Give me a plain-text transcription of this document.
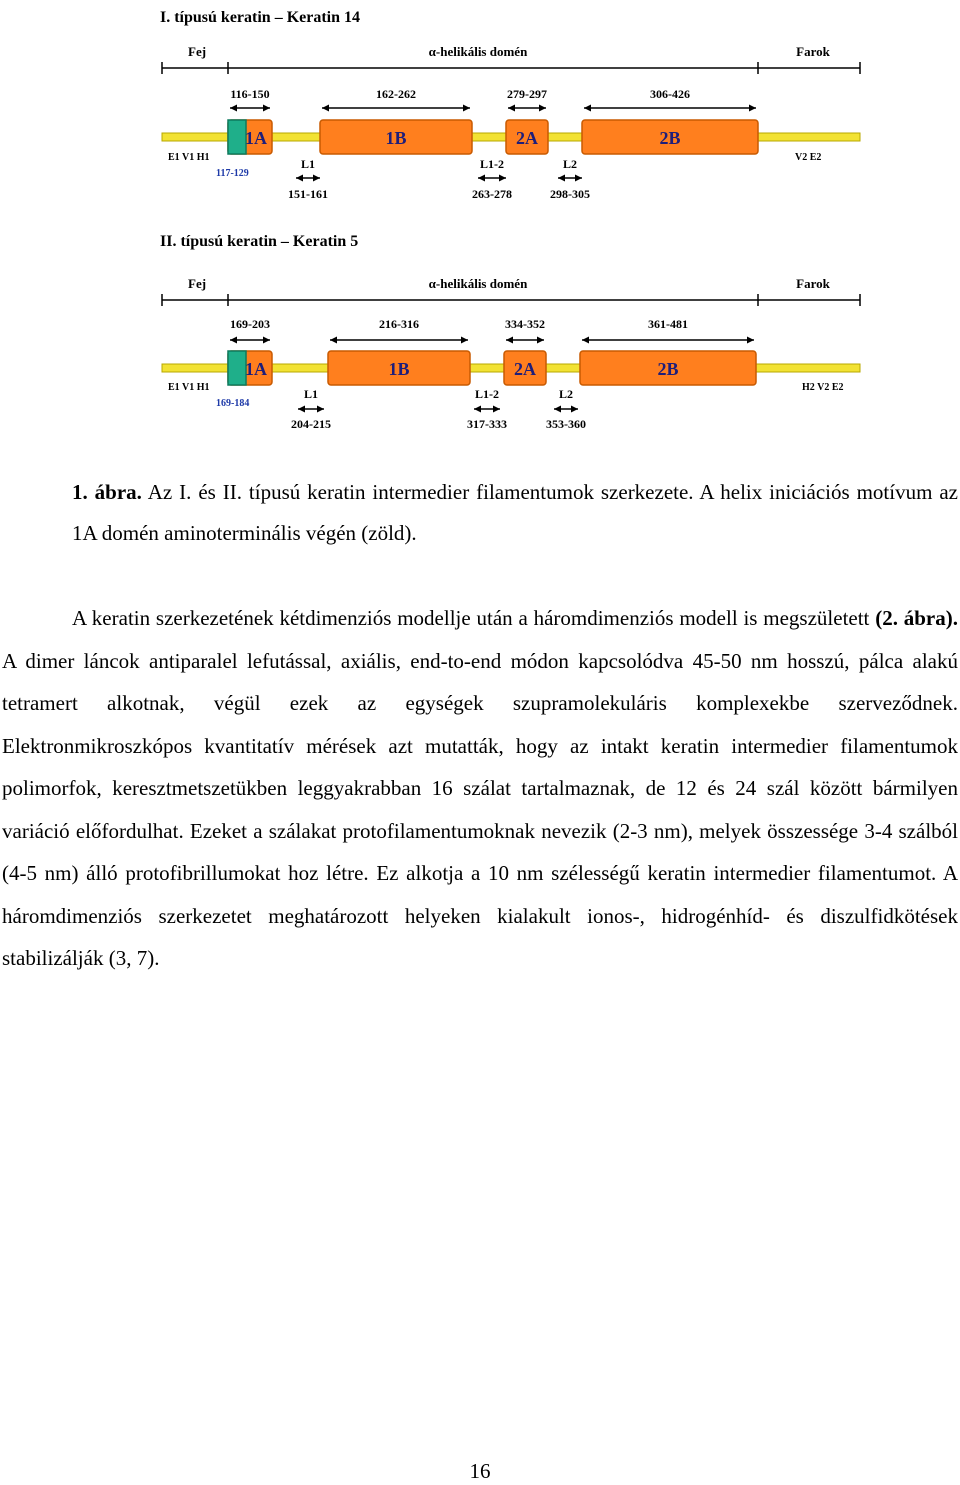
I. típusú keratin – Keratin 14
Fej	α-helikális domén	Farok
116-150	162-262	279-297	306-426
1A	1B	2A	2B
E1 V1 H1	V2 E2
117-129
L1
151-161
L1-2
263-278
L2
298-305
II. típusú keratin – Keratin 5
Fej	α-helikális domén	Farok
169-203	216-316	334-352	361-481
1A	1B	2A	2B
E1 V1 H1	H2 V2 E2
169-184
L1
204-215
L1-2
317-333
L2
353-360
1. ábra. Az I. és II. típusú keratin intermedier filamentumok szerkezete. A helix iniciációs motívum az 1A domén aminoterminális végén (zöld).
A keratin szerkezetének kétdimenziós modellje után a háromdimenziós modell is megszületett (2. ábra). A dimer láncok antiparalel lefutással, axiális, end-to-end módon kapcsolódva 45-50 nm hosszú, pálca alakú tetramert alkotnak, végül ezek az egységek szupramolekuláris komplexekbe szerveződnek. Elektronmikroszkópos kvantitatív mérések azt mutatták, hogy az intakt keratin intermedier filamentumok polimorfok, keresztmetszetükben leggyakrabban 16 szálat tartalmaznak, de 12 és 24 szál között bármilyen variáció előfordulhat. Ezeket a szálakat protofilamentumoknak nevezik (2-3 nm), melyek összessége 3-4 szálból (4-5 nm) álló protofibrillumokat hoz létre. Ez alkotja a 10 nm szélességű keratin intermedier filamentumot. A háromdimenziós szerkezetet meghatározott helyeken kialakult ionos-, hidrogénhíd- és diszulfidkötések stabilizálják (3, 7).
16
